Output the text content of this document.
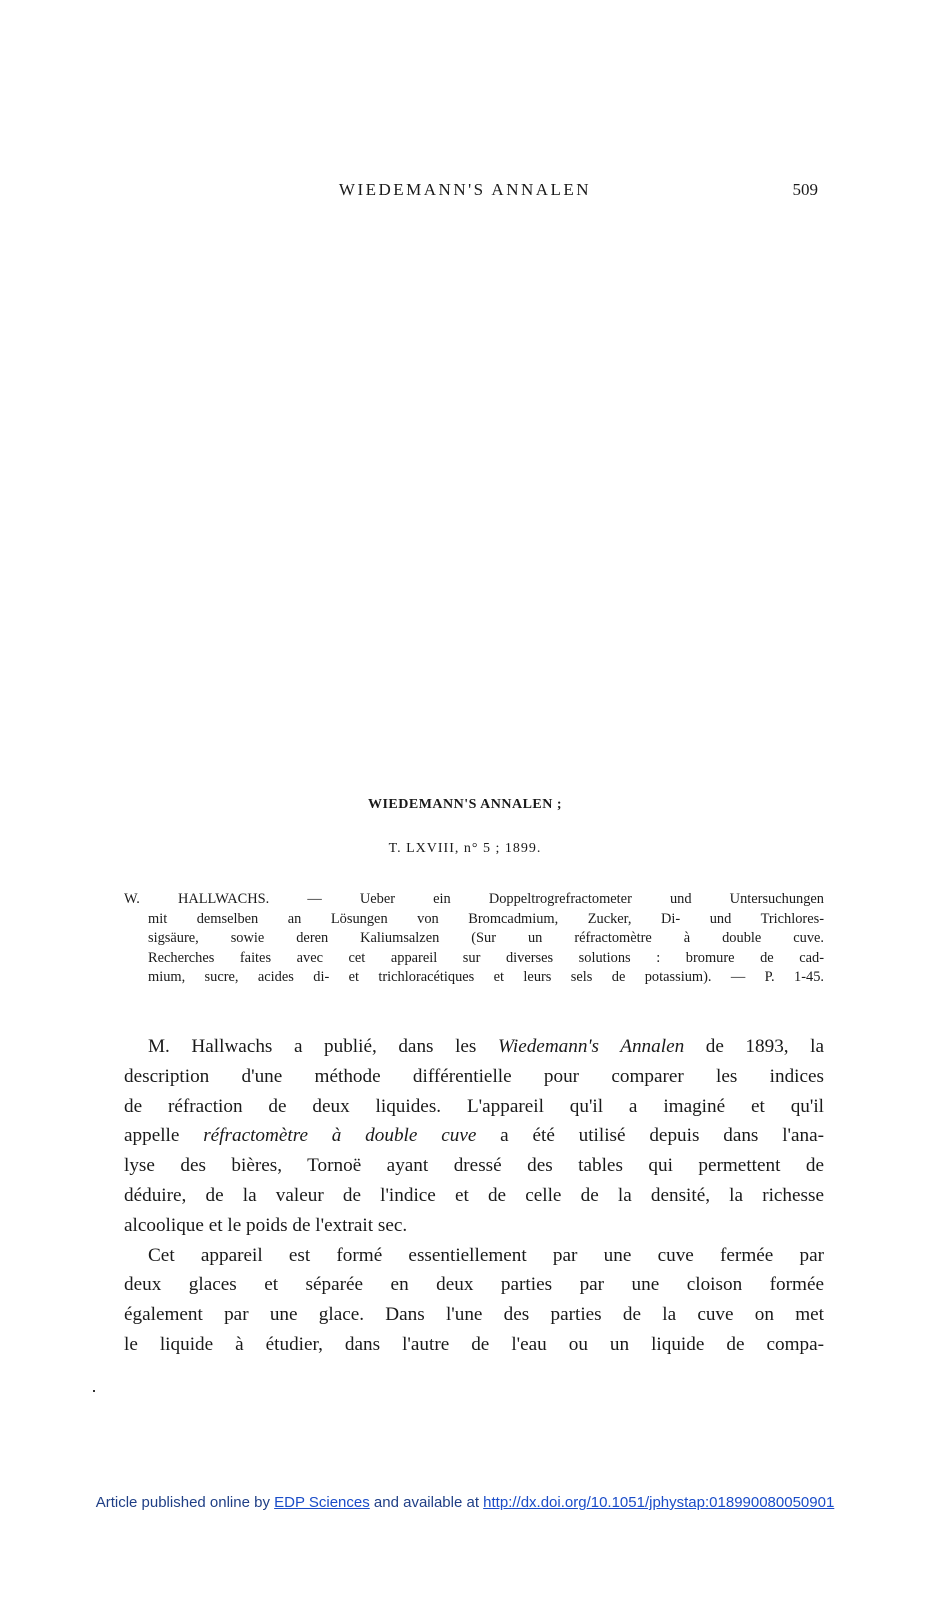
WIEDEMANN'S ANNALEN	509
WIEDEMANN'S ANNALEN ;
T. LXVIII, n° 5 ; 1899.
W. HALLWACHS. — Ueber ein Doppeltrogrefractometer und Untersuchungen
mit demselben an Lösungen von Bromcadmium, Zucker, Di- und Trichlores-
sigsäure, sowie deren Kaliumsalzen (Sur un réfractomètre à double cuve.
Recherches faites avec cet appareil sur diverses solutions : bromure de cad-
mium, sucre, acides di- et trichloracétiques et leurs sels de potassium). — P. 1-45.
M. Hallwachs a publié, dans les Wiedemann's Annalen de 1893, la
description d'une méthode différentielle pour comparer les indices
de réfraction de deux liquides. L'appareil qu'il a imaginé et qu'il
appelle réfractomètre à double cuve a été utilisé depuis dans l'ana-
lyse des bières, Tornoë ayant dressé des tables qui permettent de
déduire, de la valeur de l'indice et de celle de la densité, la richesse
alcoolique et le poids de l'extrait sec.
Cet appareil est formé essentiellement par une cuve fermée par
deux glaces et séparée en deux parties par une cloison formée
également par une glace. Dans l'une des parties de la cuve on met
le liquide à étudier, dans l'autre de l'eau ou un liquide de compa-
Article published online by EDP Sciences and available at http://dx.doi.org/10.1051/jphystap:018990080050901
